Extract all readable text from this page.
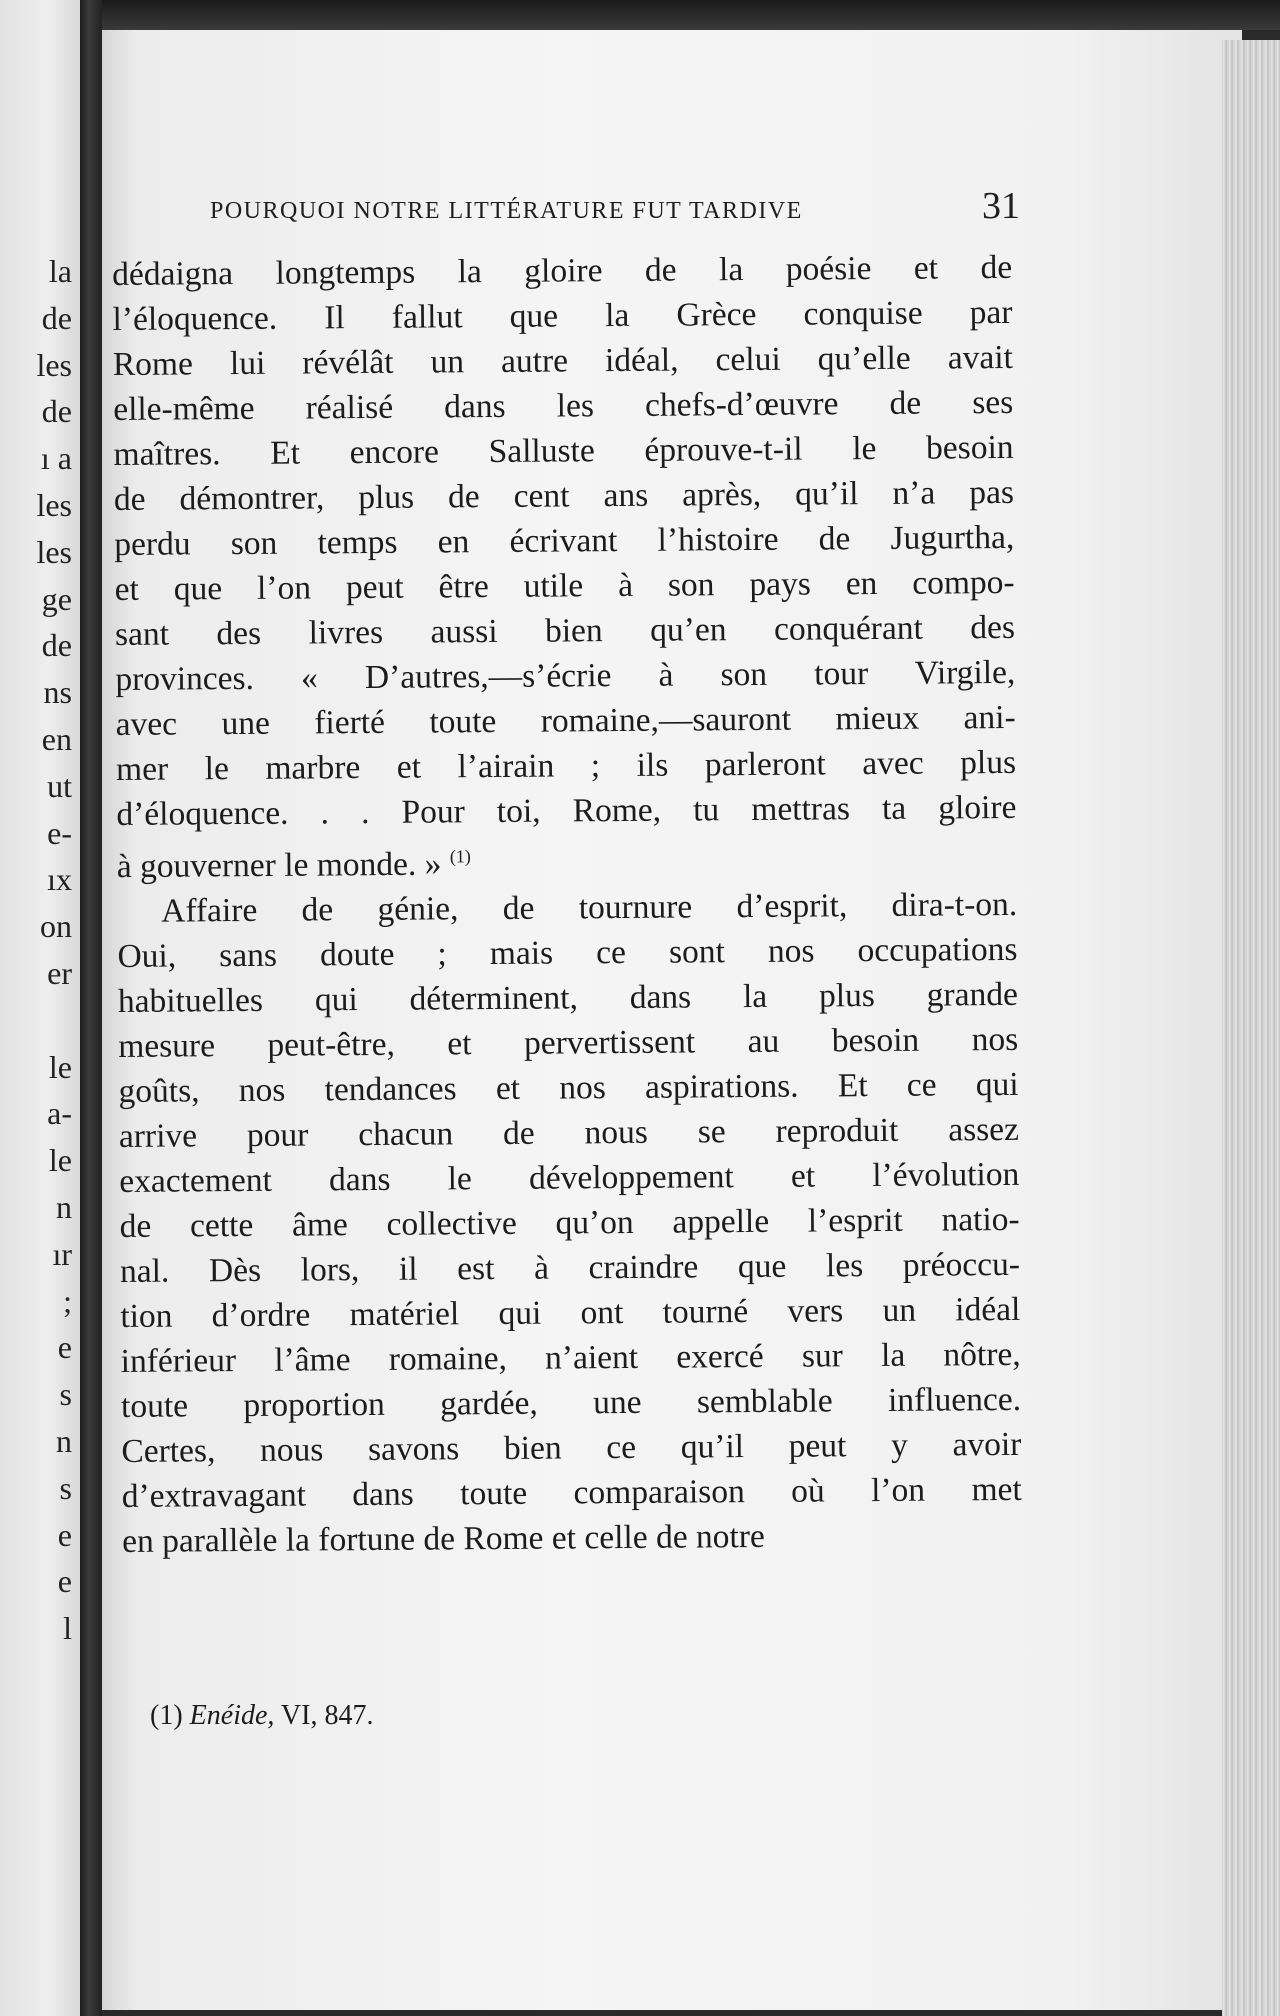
la
de
les
de
ı a
les
les
ge
de
ns
en
ut
e-
ıx
on
er
le
a-
le
n
ır
;
e
s
n
s
e
e
l
POURQUOI NOTRE LITTÉRATURE FUT TARDIVE	31
dédaigna longtemps la gloire de la poésie et de
l’éloquence. Il fallut que la Grèce conquise par
Rome lui révélât un autre idéal, celui qu’elle avait
elle-même réalisé dans les chefs-d’œuvre de ses
maîtres. Et encore Salluste éprouve-t-il le besoin
de démontrer, plus de cent ans après, qu’il n’a pas
perdu son temps en écrivant l’histoire de Jugurtha,
et que l’on peut être utile à son pays en compo-
sant des livres aussi bien qu’en conquérant des
provinces. « D’autres,—s’écrie à son tour Virgile,
avec une fierté toute romaine,—sauront mieux ani-
mer le marbre et l’airain ; ils parleront avec plus
d’éloquence. . . Pour toi, Rome, tu mettras ta gloire
à gouverner le monde. » $^{(1)}$
Affaire de génie, de tournure d’esprit, dira-t-on.
Oui, sans doute ; mais ce sont nos occupations
habituelles qui déterminent, dans la plus grande
mesure peut-être, et pervertissent au besoin nos
goûts, nos tendances et nos aspirations. Et ce qui
arrive pour chacun de nous se reproduit assez
exactement dans le développement et l’évolution
de cette âme collective qu’on appelle l’esprit natio-
nal. Dès lors, il est à craindre que les préoccu-
tion d’ordre matériel qui ont tourné vers un idéal
inférieur l’âme romaine, n’aient exercé sur la nôtre,
toute proportion gardée, une semblable influence.
Certes, nous savons bien ce qu’il peut y avoir
d’extravagant dans toute comparaison où l’on met
en parallèle la fortune de Rome et celle de notre
(1) Enéide, VI, 847.
